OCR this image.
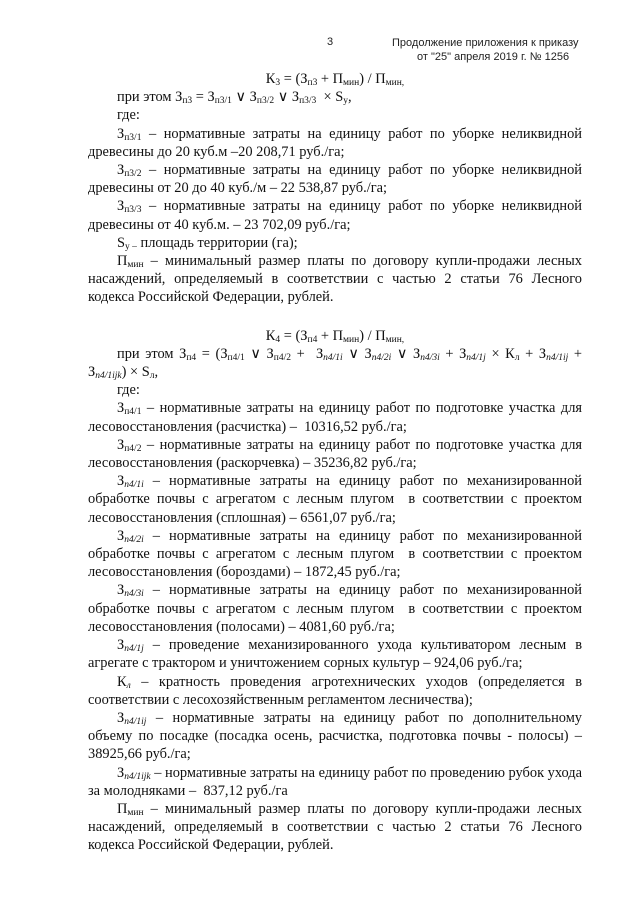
3	Продолжение приложения к приказу
от "25" апреля 2019 г. № 1256

$К_3 = (З_{п3} + П_{мин}) / П_{мин,}$

при этом $З_{п3} = З_{п3/1}$ ∨ $З_{п3/2}$ ∨ $З_{п3/3} \times S_у$,

где:

$З_{п3/1}$ – нормативные затраты на единицу работ по уборке неликвидной древесины до 20 куб.м –20 208,71 руб./га;

$З_{п3/2}$ – нормативные затраты на единицу работ по уборке неликвидной древесины от 20 до 40 куб./м – 22 538,87 руб./га;

$З_{п3/3}$ – нормативные затраты на единицу работ по уборке неликвидной древесины от 40 куб.м. – 23 702,09 руб./га;

$S_{у -}$ площадь территории (га);

$П_{мин}$ – минимальный размер платы по договору купли-продажи лесных насаждений, определяемый в соответствии с частью 2 статьи 76 Лесного кодекса Российской Федерации, рублей.

$К_4 = (З_{п4} + П_{мин}) / П_{мин,}$

при этом $З_{п4} = (З_{п4/1}$ ∨ $З_{п4/2} + З_{п4/1i}$ ∨ $З_{п4/2i}$ ∨ $З_{п4/3i} + З_{п4/1j} \times К_л + З_{п4/1ij} + З_{п4/1ijk}) \times S_л$,

где:

$З_{п4/1}$ – нормативные затраты на единицу работ по подготовке участка для лесовосстановления (расчистка) –  10316,52 руб./га;

$З_{п4/2}$ – нормативные затраты на единицу работ по подготовке участка для лесовосстановления (раскорчевка) – 35236,82 руб./га;

$З_{п4/1i}$ – нормативные затраты на единицу работ по механизированной обработке почвы с агрегатом с лесным плугом  в соответствии с проектом лесовосстановления (сплошная) – 6561,07 руб./га;

$З_{п4/2i}$ – нормативные затраты на единицу работ по механизированной обработке почвы с агрегатом с лесным плугом  в соответствии с проектом лесовосстановления (бороздами) – 1872,45 руб./га;

$З_{п4/3i}$ – нормативные затраты на единицу работ по механизированной обработке почвы с агрегатом с лесным плугом  в соответствии с проектом лесовосстановления (полосами) – 4081,60 руб./га;

$З_{п4/1j}$ – проведение механизированного ухода культиватором лесным в агрегате с трактором и уничтожением сорных культур – 924,06 руб./га;

$К_л$ – кратность проведения агротехнических уходов (определяется в соответствии с лесохозяйственным регламентом лесничества);

$З_{п4/1ij}$ – нормативные затраты на единицу работ по дополнительному объему по посадке (посадка осень, расчистка, подготовка почвы - полосы) – 38925,66 руб./га;

$З_{п4/1ijk}$ – нормативные затраты на единицу работ по проведению рубок ухода за молодняками –  837,12 руб./га

$П_{мин}$ – минимальный размер платы по договору купли-продажи лесных насаждений, определяемый в соответствии с частью 2 статьи 76 Лесного кодекса Российской Федерации, рублей.
